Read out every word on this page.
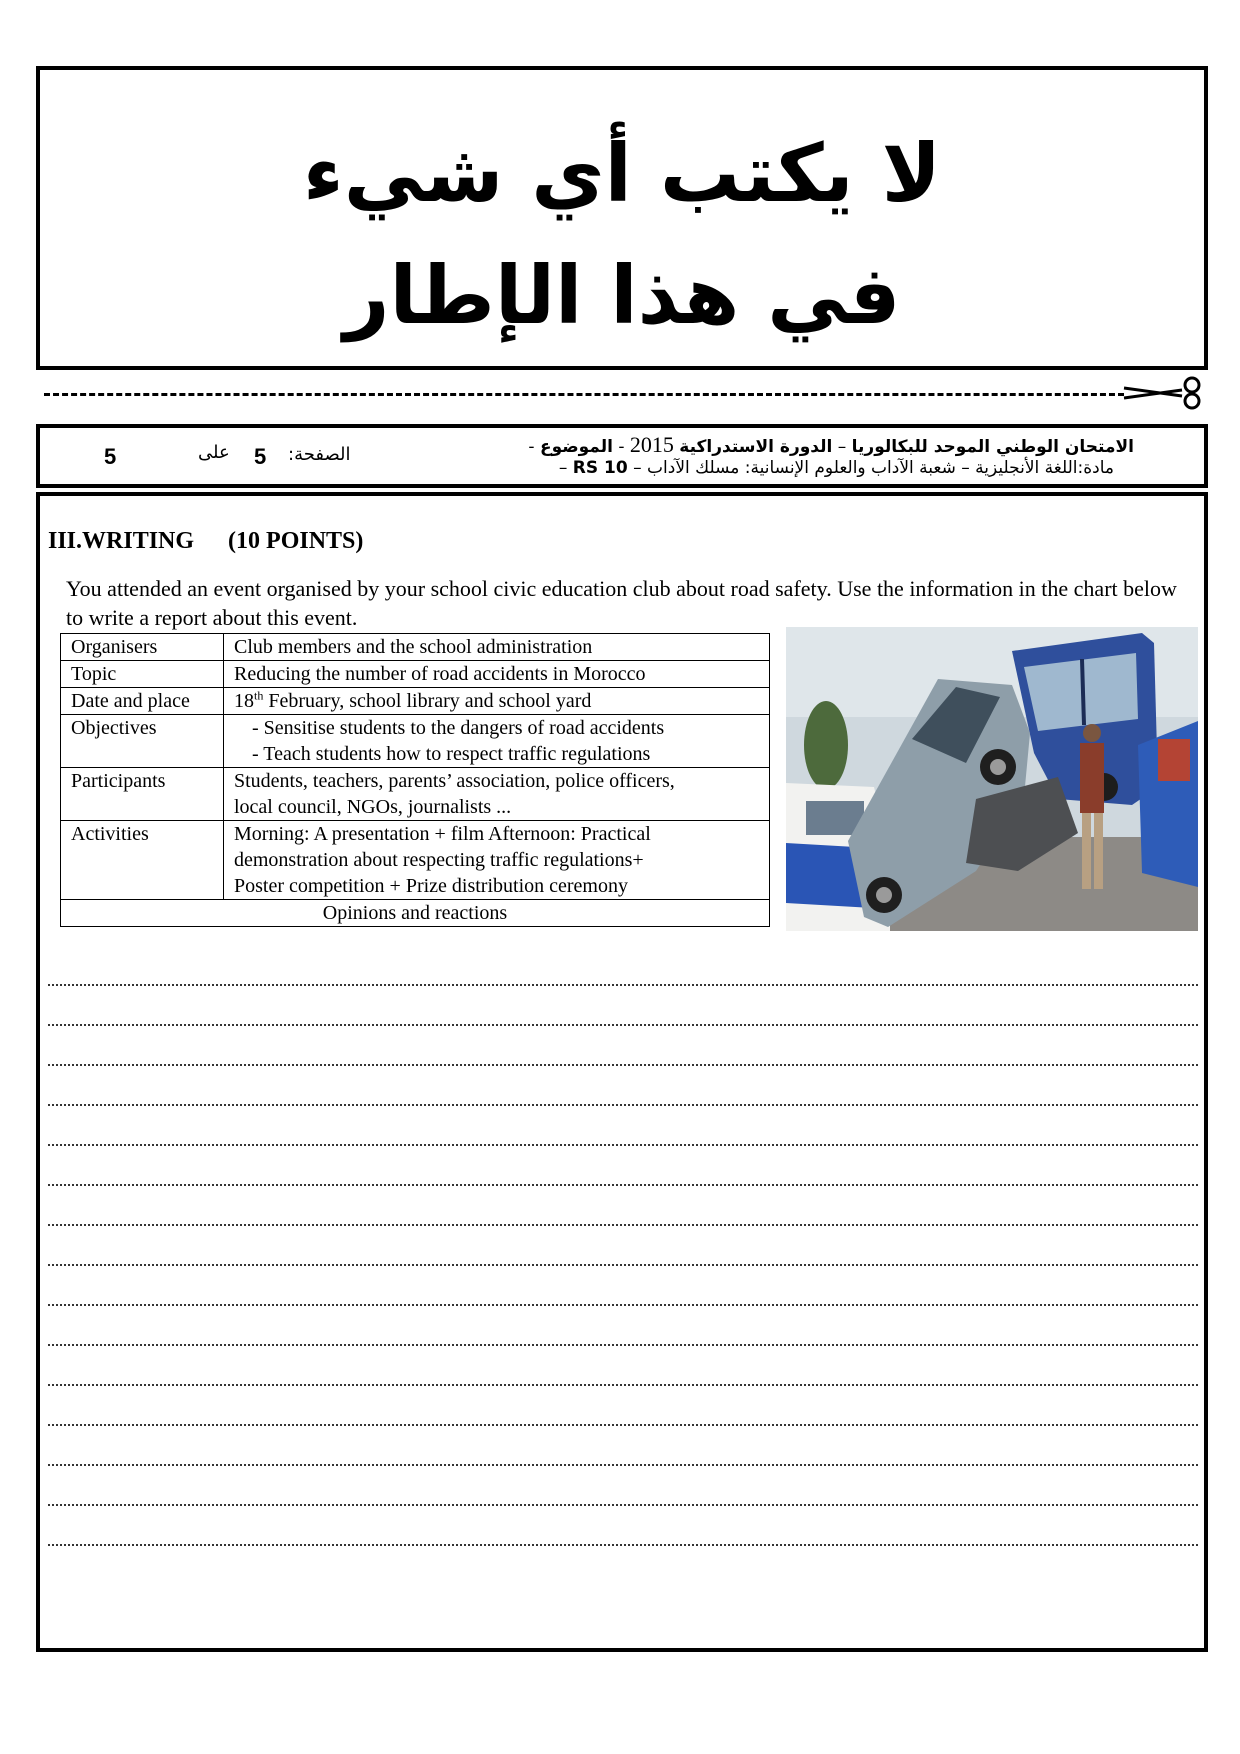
لا يكتب أي شيء
في هذا الإطار
5	على 5 الصفحة:	الامتحان الوطني الموحد للبكالوريا – الدورة الاستدراكية 2015 - الموضوع -
مادة:اللغة الأنجليزية – شعبة الآداب والعلوم الإنسانية: مسلك الآداب – RS 10 –
III.WRITING (10 POINTS)
You attended an event organised by your school civic education club about road safety. Use the information in the chart below to write a report about this event.
Organisers	Club members and the school administration
Topic	Reducing the number of road accidents in Morocco
Date and place	18th February, school library and school yard
Objectives	- Sensitise students to the dangers of road accidents
- Teach students how to respect traffic regulations

Participants	Students, teachers, parents’ association, police officers,
local council, NGOs, journalists ...

Activities	Morning: A presentation + film Afternoon: Practical
demonstration about respecting traffic regulations+
Poster competition + Prize distribution ceremony

Opinions and reactions	
